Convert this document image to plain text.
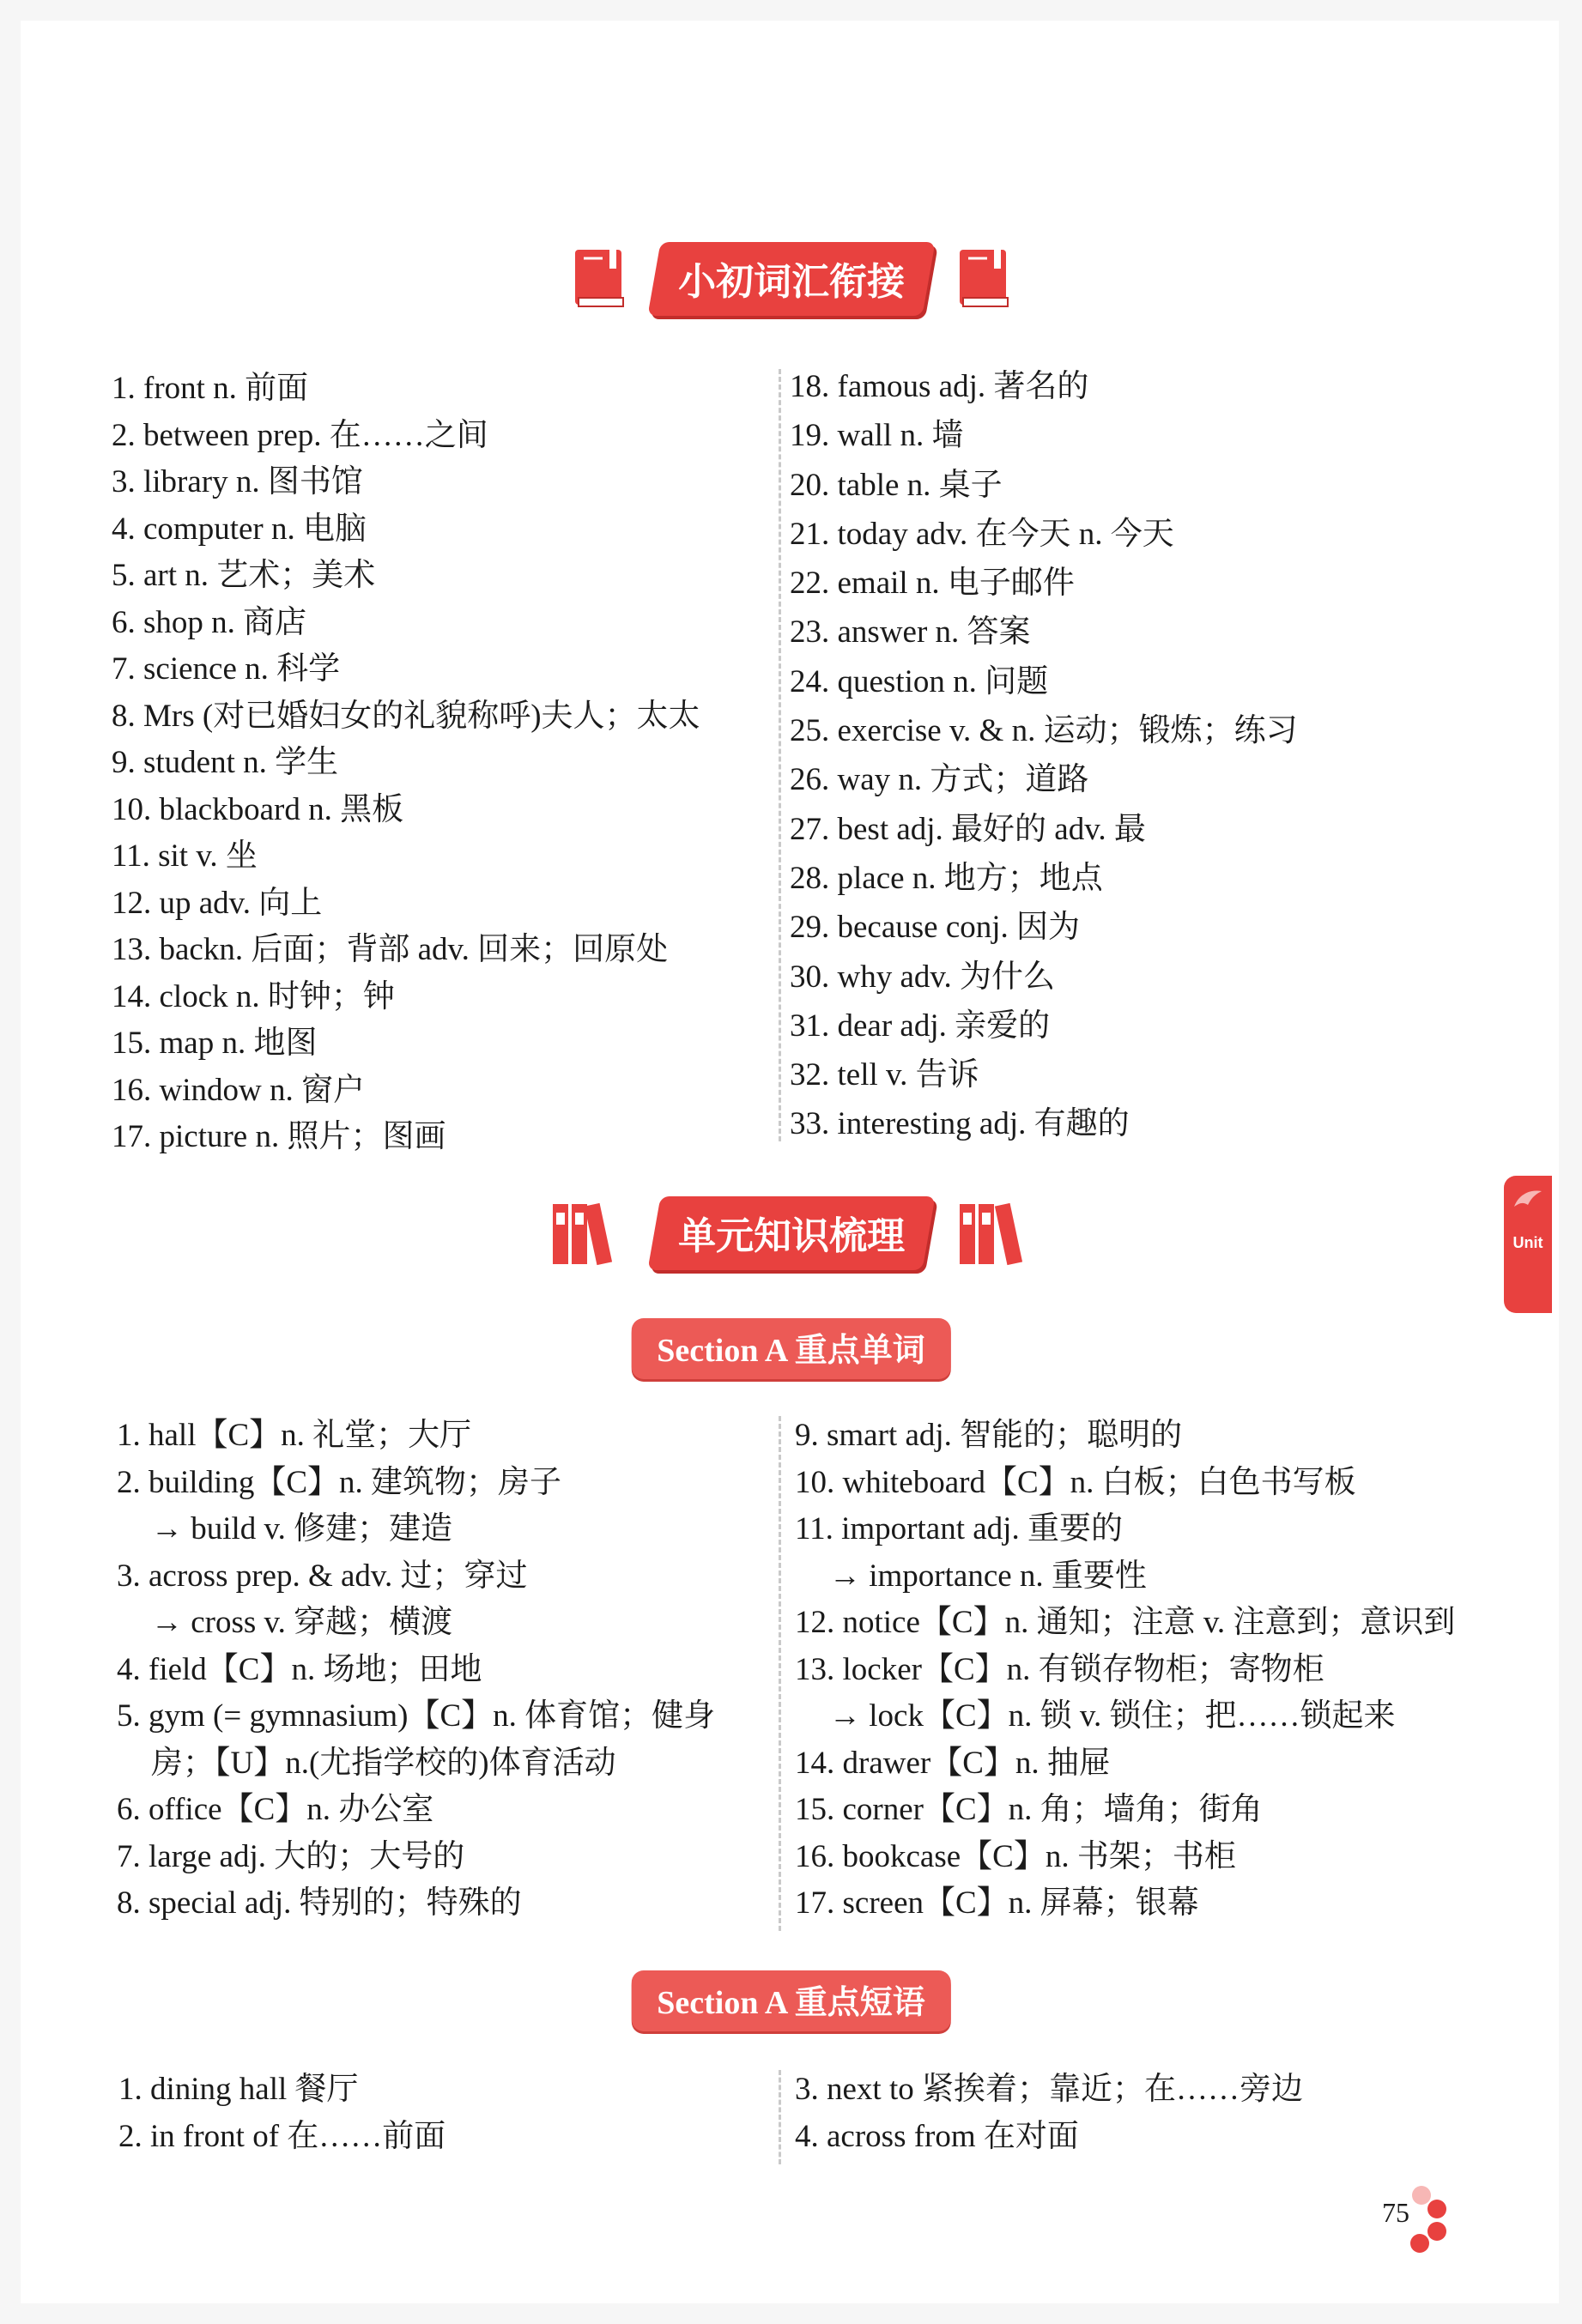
小初词汇衔接
1. front n. 前面
2. between prep. 在……之间
3. library n. 图书馆
4. computer n. 电脑
5. art n. 艺术；美术
6. shop n. 商店
7. science n. 科学
8. Mrs (对已婚妇女的礼貌称呼)夫人；太太
9. student n. 学生
10. blackboard n. 黑板
11. sit v. 坐
12. up adv. 向上
13. backn. 后面；背部 adv. 回来；回原处
14. clock n. 时钟；钟
15. map n. 地图
16. window n. 窗户
17. picture n. 照片；图画
18. famous adj. 著名的
19. wall n. 墙
20. table n. 桌子
21. today adv. 在今天 n. 今天
22. email n. 电子邮件
23. answer n. 答案
24. question n. 问题
25. exercise v. & n. 运动；锻炼；练习
26. way n. 方式；道路
27. best adj. 最好的 adv. 最
28. place n. 地方；地点
29. because conj. 因为
30. why adv. 为什么
31. dear adj. 亲爱的
32. tell v. 告诉
33. interesting adj. 有趣的
单元知识梳理
Section A 重点单词
1. hall【C】n. 礼堂；大厅
2. building【C】n. 建筑物；房子
→ build v. 修建；建造
3. across prep. & adv. 过；穿过
→ cross v. 穿越；横渡
4. field【C】n. 场地；田地
5. gym (= gymnasium)【C】n. 体育馆；健身
房；【U】n.(尤指学校的)体育活动
6. office【C】n. 办公室
7. large adj. 大的；大号的
8. special adj. 特别的；特殊的
9. smart adj. 智能的；聪明的
10. whiteboard【C】n. 白板；白色书写板
11. important adj. 重要的
→ importance n. 重要性
12. notice【C】n. 通知；注意 v. 注意到；意识到
13. locker【C】n. 有锁存物柜；寄物柜
→ lock【C】n. 锁 v. 锁住；把……锁起来
14. drawer【C】n. 抽屉
15. corner【C】n. 角；墙角；街角
16. bookcase【C】n. 书架；书柜
17. screen【C】n. 屏幕；银幕
Section A 重点短语
1. dining hall 餐厅
2. in front of 在……前面
3. next to 紧挨着；靠近；在……旁边
4. across from 在对面
Unit
75
